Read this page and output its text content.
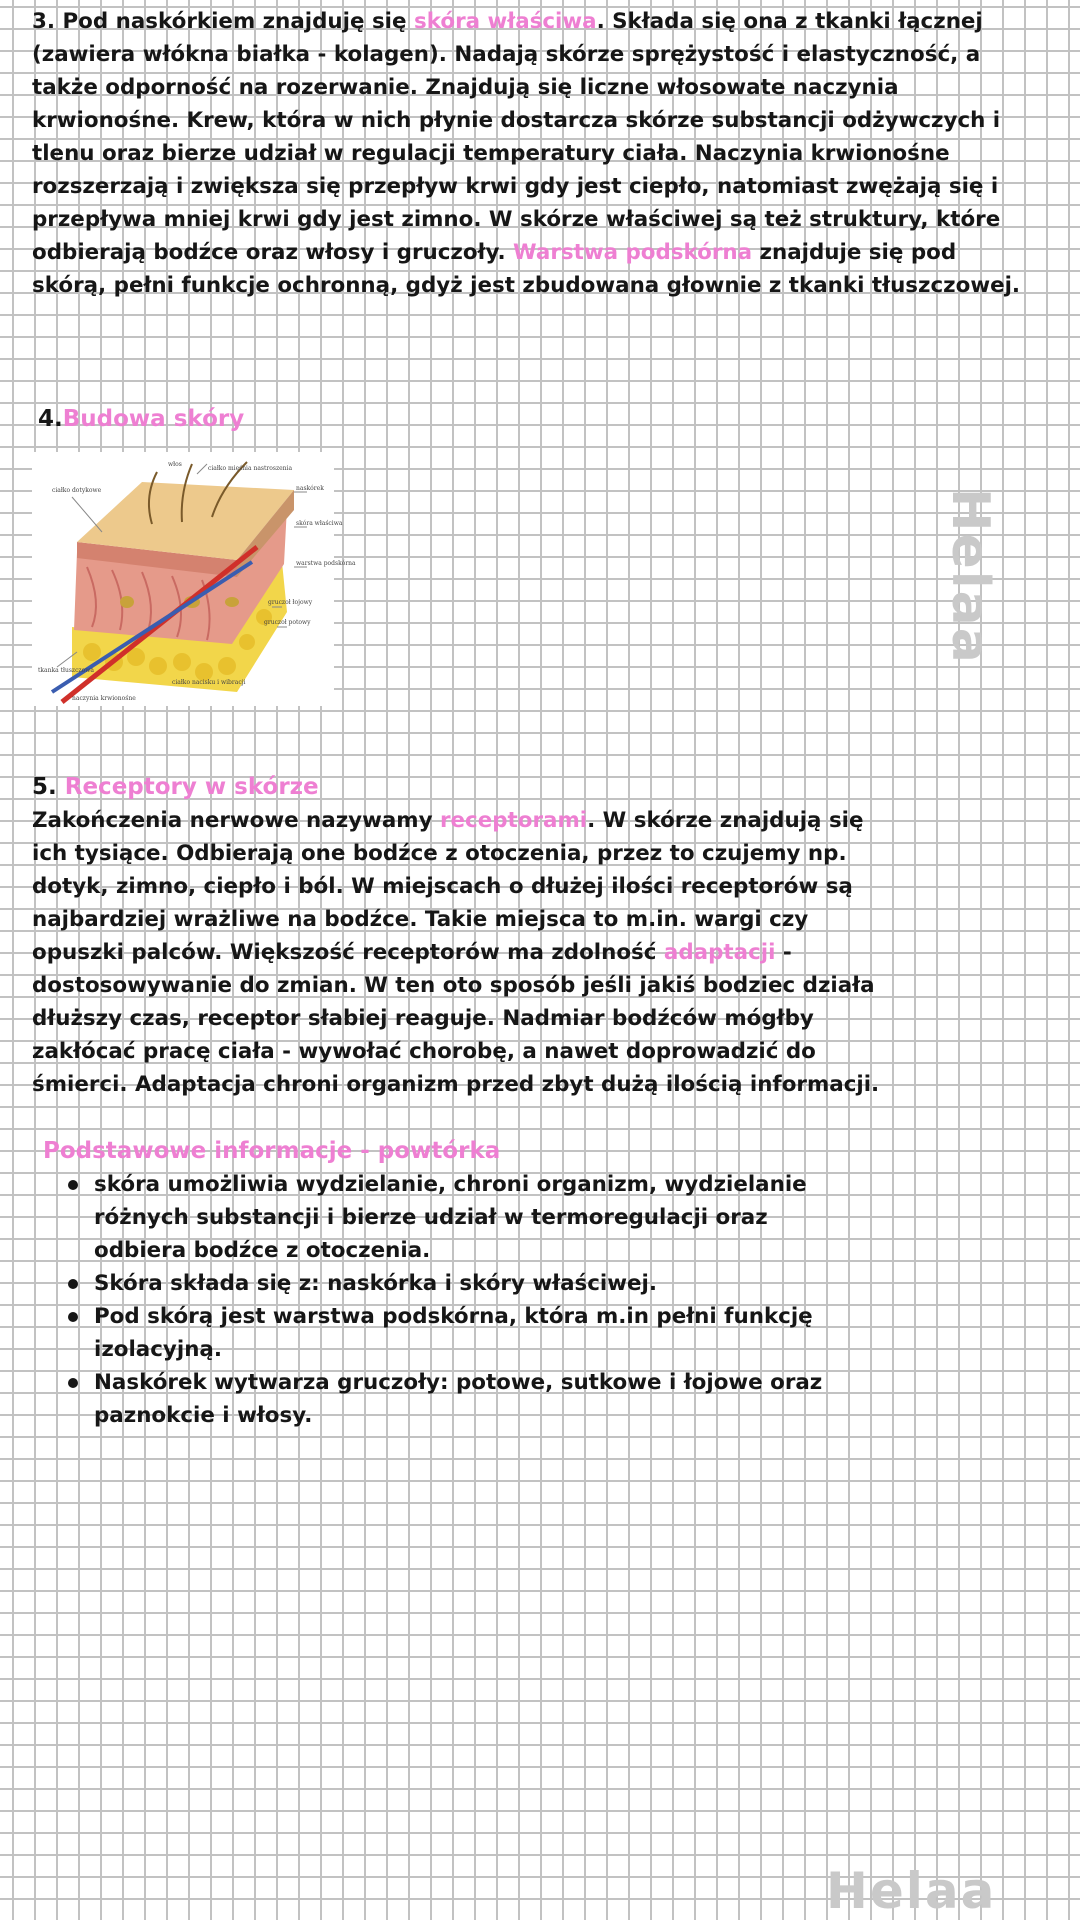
3. Pod naskórkiem znajduję się skóra właściwa. Składa się ona z tkanki łącznej (zawiera włókna białka - kolagen). Nadają skórze sprężystość i elastyczność, a także odporność na rozerwanie. Znajdują się liczne włosowate naczynia krwionośne. Krew, która w nich płynie dostarcza skórze substancji odżywczych i tlenu oraz bierze udział w regulacji temperatury ciała. Naczynia krwionośne rozszerzają i zwiększa się przepływ krwi gdy jest ciepło, natomiast zwężają się i przepływa mniej krwi gdy jest zimno. W skórze właściwej są też struktury, które odbierają bodźce oraz włosy i gruczoły. Warstwa podskórna znajduje się pod skórą, pełni funkcje ochronną, gdyż jest zbudowana głownie z tkanki tłuszczowej.

4.Budowa skóry
włos
ciałko dotykowe
ciałko mięśnia nastroszenia
naskórek
skóra właściwa
warstwa podskórna
gruczoł łojowy
gruczoł potowy
tkanka tłuszczowa
ciałko nacisku i wibracji
naczynia krwionośne
5. Receptory w skórze

Zakończenia nerwowe nazywamy receptorami. W skórze znajdują się ich tysiące. Odbierają one bodźce z otoczenia, przez to czujemy np. dotyk, zimno, ciepło i ból. W miejscach o dłużej ilości receptorów są najbardziej wrażliwe na bodźce. Takie miejsca to m.in. wargi czy opuszki palców. Większość receptorów ma zdolność adaptacji - dostosowywanie do zmian. W ten oto sposób jeśli jakiś bodziec działa dłuższy czas, receptor słabiej reaguje. Nadmiar bodźców mógłby zakłócać pracę ciała - wywołać chorobę, a nawet doprowadzić do śmierci. Adaptacja chroni organizm przed zbyt dużą ilością informacji.

Podstawowe informacje - powtórka
skóra umożliwia wydzielanie, chroni organizm, wydzielanie różnych substancji i bierze udział w termoregulacji oraz odbiera bodźce z otoczenia.
Skóra składa się z: naskórka i skóry właściwej.
Pod skórą jest warstwa podskórna, która m.in pełni funkcję izolacyjną.
Naskórek wytwarza gruczoły: potowe, sutkowe i łojowe oraz paznokcie i włosy.
Helaa
Helaa
